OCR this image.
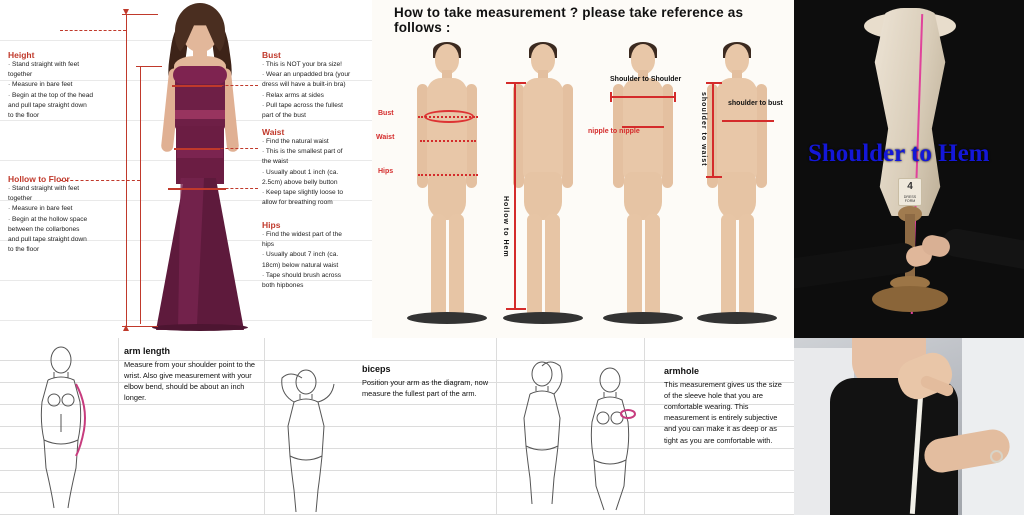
Height
· Stand straight with feet
together
· Measure in bare feet
· Begin at the top of the head
and pull tape straight down
to the floor
Hollow to Floor
· Stand straight with feet
together
· Measure in bare feet
· Begin at the hollow space
between the collarbones
and pull tape straight down
to the floor
Bust
· This is NOT your bra size!
· Wear an unpadded bra (your
dress will have a built-in bra)
· Relax arms at sides
· Pull tape across the fullest
part of the bust
Waist
· Find the natural waist
· This is the smallest part of
the waist
· Usually about 1 inch (ca.
2.5cm) above belly button
· Keep tape slightly loose to
allow for breathing room
Hips
· Find the widest part of the
hips
· Usually about 7 inch (ca.
18cm) below natural waist
· Tape should brush across
both hipbones
How to take measurement ? please take reference as follows :
Bust
Waist
Hips
Hollow to Hem
Shoulder to Shoulder
nipple to nipple	shoulder to waist	shoulder to bust
4
DRESS FORM
Shoulder to Hem
arm length
Measure from your shoulder point to the wrist. Also give measurement with your elbow bend, should be about an inch longer.
biceps
Position your arm as the diagram, now measure the fullest part of the arm.
armhole
This measurement gives us the size of the sleeve hole that you are comfortable wearing. This measurement is entirely subjective and you can make it as deep or as tight as you are comfortable with.
